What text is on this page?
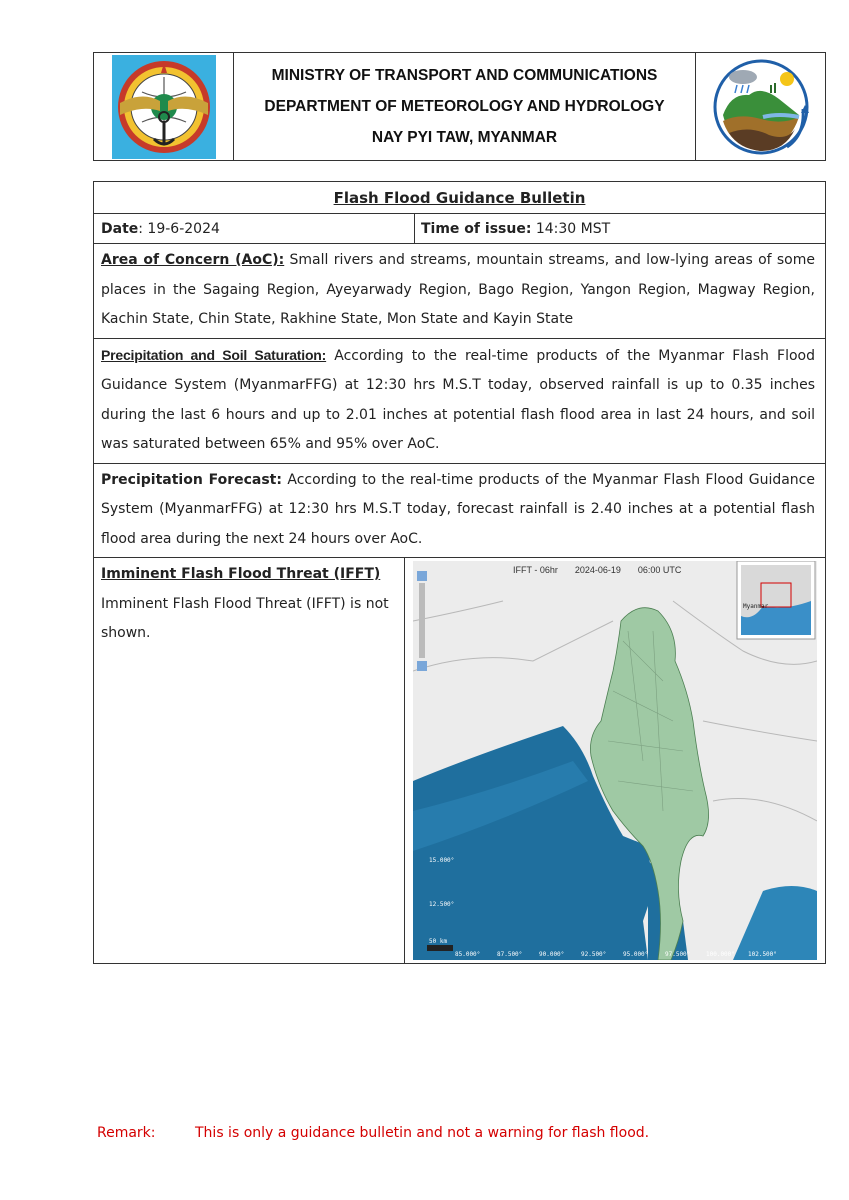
MINISTRY OF TRANSPORT AND COMMUNICATIONS
DEPARTMENT OF METEOROLOGY AND HYDROLOGY
NAY PYI TAW, MYANMAR
Flash Flood Guidance Bulletin
Date: 19-6-2024	Time of issue: 14:30 MST
Area of Concern (AoC): Small rivers and streams, mountain streams, and low-lying areas of some places in the Sagaing Region, Ayeyarwady Region, Bago Region, Yangon Region, Magway Region, Kachin State, Chin State, Rakhine State, Mon State and Kayin State
Precipitation and Soil Saturation: According to the real-time products of the Myanmar Flash Flood Guidance System (MyanmarFFG) at 12:30 hrs M.S.T today, observed rainfall is up to 0.35 inches during the last 6 hours and up to 2.01 inches at potential flash flood area in last 24 hours, and soil was saturated between 65% and 95% over AoC.
Precipitation Forecast: According to the real-time products of the Myanmar Flash Flood Guidance System (MyanmarFFG) at 12:30 hrs M.S.T today, forecast rainfall is 2.40 inches at a potential flash flood area during the next 24 hours over AoC.
Imminent Flash Flood Threat (IFFT)
Imminent Flash Flood Threat (IFFT) is not shown.
IFFT - 06hr 2024-06-19 06:00 UTC
Myanmar
15.000°
12.500°
85.000°	87.500°	90.000°	92.500°	95.000°	97.500°	100.000° 102.500°
50 km
Remark:	This is only a guidance bulletin and not a warning for flash flood.
